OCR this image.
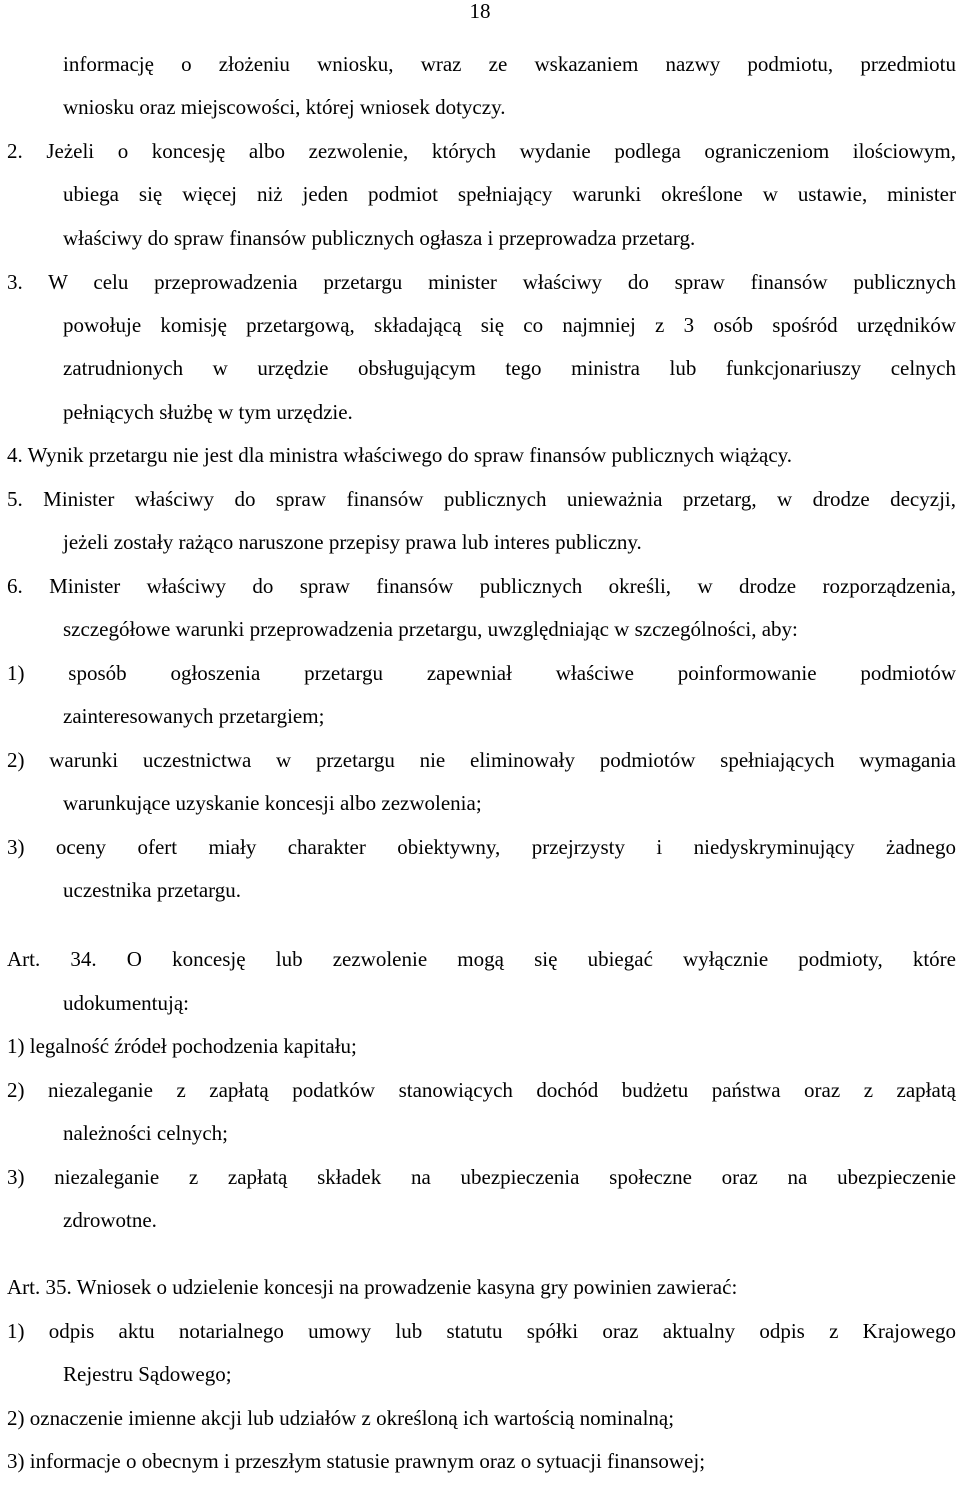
18
informację o złożeniu wniosku, wraz ze wskazaniem nazwy podmiotu, przedmiotu
wniosku oraz miejscowości, której wniosek dotyczy.
2. Jeżeli o koncesję albo zezwolenie, których wydanie podlega ograniczeniom ilościowym,
ubiega się więcej niż jeden podmiot spełniający warunki określone w ustawie, minister
właściwy do spraw finansów publicznych ogłasza i przeprowadza przetarg.
3. W celu przeprowadzenia przetargu minister właściwy do spraw finansów publicznych
powołuje komisję przetargową, składającą się co najmniej z 3 osób spośród urzędników
zatrudnionych w urzędzie obsługującym tego ministra lub funkcjonariuszy celnych
pełniących służbę w tym urzędzie.
4. Wynik przetargu nie jest dla ministra właściwego do spraw finansów publicznych wiążący.
5. Minister właściwy do spraw finansów publicznych unieważnia przetarg, w drodze decyzji,
jeżeli zostały rażąco naruszone przepisy prawa lub interes publiczny.
6. Minister właściwy do spraw finansów publicznych określi, w drodze rozporządzenia,
szczegółowe warunki przeprowadzenia przetargu, uwzględniając w szczególności, aby:
1) sposób ogłoszenia przetargu zapewniał właściwe poinformowanie podmiotów
zainteresowanych przetargiem;
2) warunki uczestnictwa w przetargu nie eliminowały podmiotów spełniających wymagania
warunkujące uzyskanie koncesji albo zezwolenia;
3) oceny ofert miały charakter obiektywny, przejrzysty i niedyskryminujący żadnego
uczestnika przetargu.
Art. 34. O koncesję lub zezwolenie mogą się ubiegać wyłącznie podmioty, które
udokumentują:
1) legalność źródeł pochodzenia kapitału;
2) niezaleganie z zapłatą podatków stanowiących dochód budżetu państwa oraz z zapłatą
należności celnych;
3) niezaleganie z zapłatą składek na ubezpieczenia społeczne oraz na ubezpieczenie
zdrowotne.
Art. 35. Wniosek o udzielenie koncesji na prowadzenie kasyna gry powinien zawierać:
1) odpis aktu notarialnego umowy lub statutu spółki oraz aktualny odpis z Krajowego
Rejestru Sądowego;
2) oznaczenie imienne akcji lub udziałów z określoną ich wartością nominalną;
3) informacje o obecnym i przeszłym statusie prawnym oraz o sytuacji finansowej;
